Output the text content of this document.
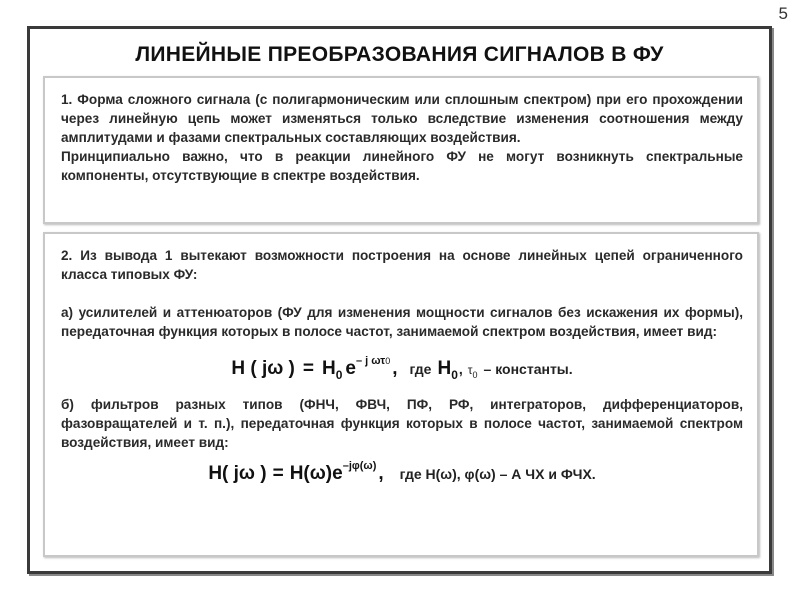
5
ЛИНЕЙНЫЕ ПРЕОБРАЗОВАНИЯ СИГНАЛОВ В ФУ

1. Форма сложного сигнала (с полигармоническим или сплошным спектром) при его прохождении через линейную цепь может изменяться только вследствие изменения соотношения между амплитудами и фазами спектральных составляющих воздействия.

Принципиально важно, что в реакции линейного ФУ не могут возникнуть спектральные компоненты, отсутствующие в спектре воздействия.

2. Из вывода 1 вытекают возможности построения на основе линейных цепей ограниченного класса типовых ФУ:

а) усилителей и аттенюаторов (ФУ для изменения мощности сигналов без искажения их формы), передаточная функция которых в полосе частот, занимаемой спектром воздействия, имеет вид:

H ( jω ) = H $_0$ e $^{- j \omega\tau 0}$ , где H $_0$ , $\tau_0$ – константы.

б) фильтров разных типов (ФНЧ, ФВЧ, ПФ, РФ, интеграторов, дифференциаторов, фазовращателей и т. п.), передаточная функция которых в полосе частот, занимаемой спектром воздействия, имеет вид:

H( jω ) = H(ω) e $^{-j\varphi(\omega)}$ , где H(ω), φ(ω) – А ЧХ и ФЧХ.
